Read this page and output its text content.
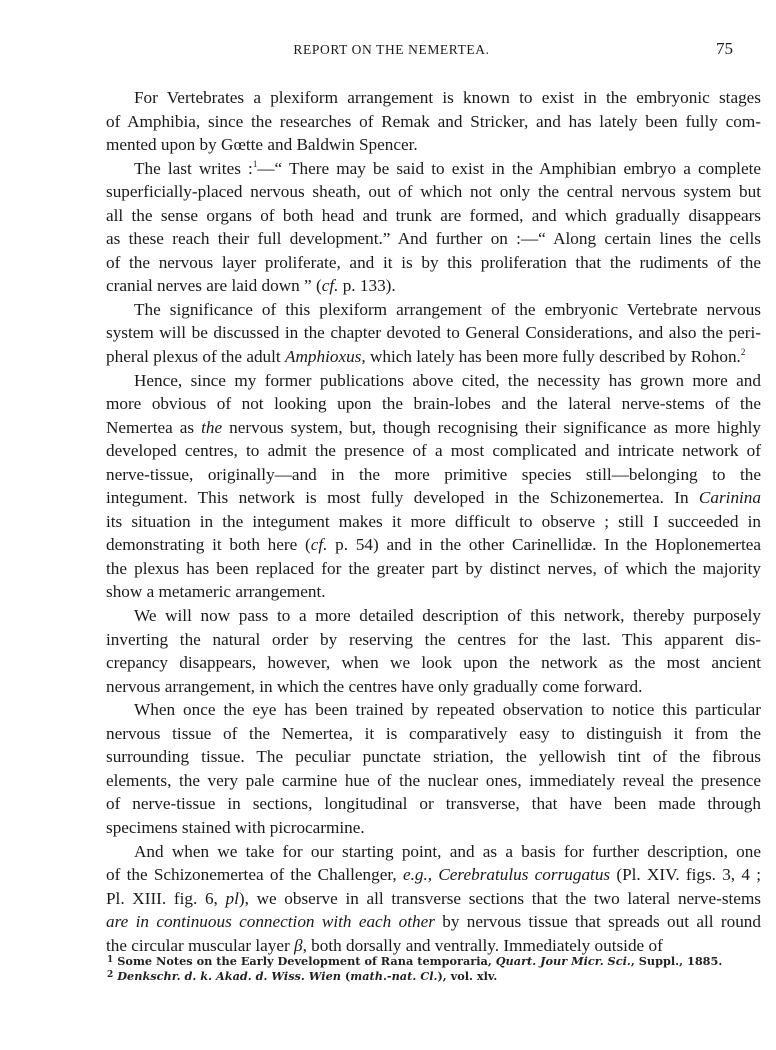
REPORT ON THE NEMERTEA.	75
For Vertebrates a plexiform arrangement is known to exist in the embryonic stages
of Amphibia, since the researches of Remak and Stricker, and has lately been fully com-
mented upon by Gœtte and Baldwin Spencer.
The last writes :$^1$—“ There may be said to exist in the Amphibian embryo a complete
superficially-placed nervous sheath, out of which not only the central nervous system but
all the sense organs of both head and trunk are formed, and which gradually disappears
as these reach their full development.” And further on :—“ Along certain lines the cells
of the nervous layer proliferate, and it is by this proliferation that the rudiments of the
cranial nerves are laid down ” (cf. p. 133).
The significance of this plexiform arrangement of the embryonic Vertebrate nervous
system will be discussed in the chapter devoted to General Considerations, and also the peri-
pheral plexus of the adult Amphioxus, which lately has been more fully described by Rohon.$^2$
Hence, since my former publications above cited, the necessity has grown more and
more obvious of not looking upon the brain-lobes and the lateral nerve-stems of the
Nemertea as the nervous system, but, though recognising their significance as more highly
developed centres, to admit the presence of a most complicated and intricate network of
nerve-tissue, originally—and in the more primitive species still—belonging to the
integument. This network is most fully developed in the Schizonemertea. In Carinina
its situation in the integument makes it more difficult to observe ; still I succeeded in
demonstrating it both here (cf. p. 54) and in the other Carinellidæ. In the Hoplonemertea
the plexus has been replaced for the greater part by distinct nerves, of which the majority
show a metameric arrangement.
We will now pass to a more detailed description of this network, thereby purposely
inverting the natural order by reserving the centres for the last. This apparent dis-
crepancy disappears, however, when we look upon the network as the most ancient
nervous arrangement, in which the centres have only gradually come forward.
When once the eye has been trained by repeated observation to notice this particular
nervous tissue of the Nemertea, it is comparatively easy to distinguish it from the
surrounding tissue. The peculiar punctate striation, the yellowish tint of the fibrous
elements, the very pale carmine hue of the nuclear ones, immediately reveal the presence
of nerve-tissue in sections, longitudinal or transverse, that have been made through
specimens stained with picrocarmine.
And when we take for our starting point, and as a basis for further description, one
of the Schizonemertea of the Challenger, e.g., Cerebratulus corrugatus (Pl. XIV. figs. 3, 4 ;
Pl. XIII. fig. 6, pl), we observe in all transverse sections that the two lateral nerve-stems
are in continuous connection with each other by nervous tissue that spreads out all round
the circular muscular layer β, both dorsally and ventrally. Immediately outside of
$^1$ Some Notes on the Early Development of Rana temporaria, Quart. Jour Micr. Sci., Suppl., 1885.
$^2$ Denkschr. d. k. Akad. d. Wiss. Wien (math.-nat. Cl.), vol. xlv.
